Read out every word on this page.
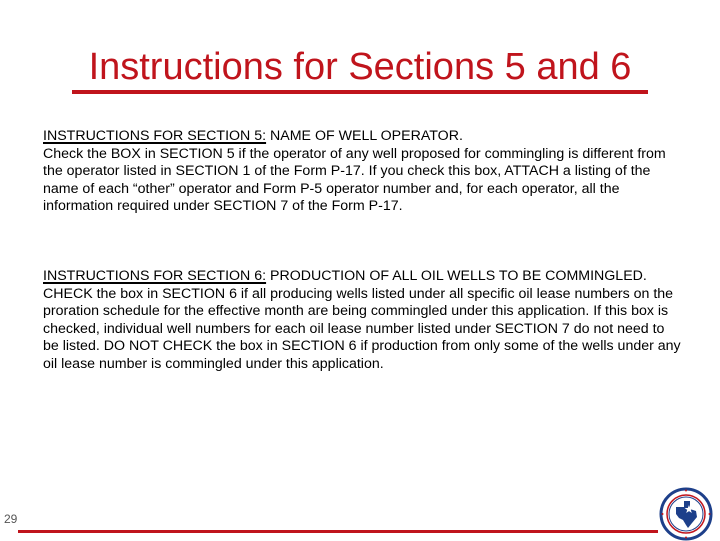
Instructions for Sections 5 and 6
INSTRUCTIONS FOR SECTION 5: NAME OF WELL OPERATOR.
Check the BOX in SECTION 5 if the operator of any well proposed for commingling is different from the operator listed in SECTION 1 of the Form P-17. If you check this box, ATTACH a listing of the name of each “other” operator and Form P-5 operator number and, for each operator, all the information required under SECTION 7 of the Form P-17.
INSTRUCTIONS FOR SECTION 6: PRODUCTION OF ALL OIL WELLS TO BE COMMINGLED.
CHECK the box in SECTION 6 if all producing wells listed under all specific oil lease numbers on the proration schedule for the effective month are being commingled under this application. If this box is checked, individual well numbers for each oil lease number listed under SECTION 7 do not need to be listed. DO NOT CHECK the box in SECTION 6 if production from only some of the wells under any oil lease number is commingled under this application.
29
